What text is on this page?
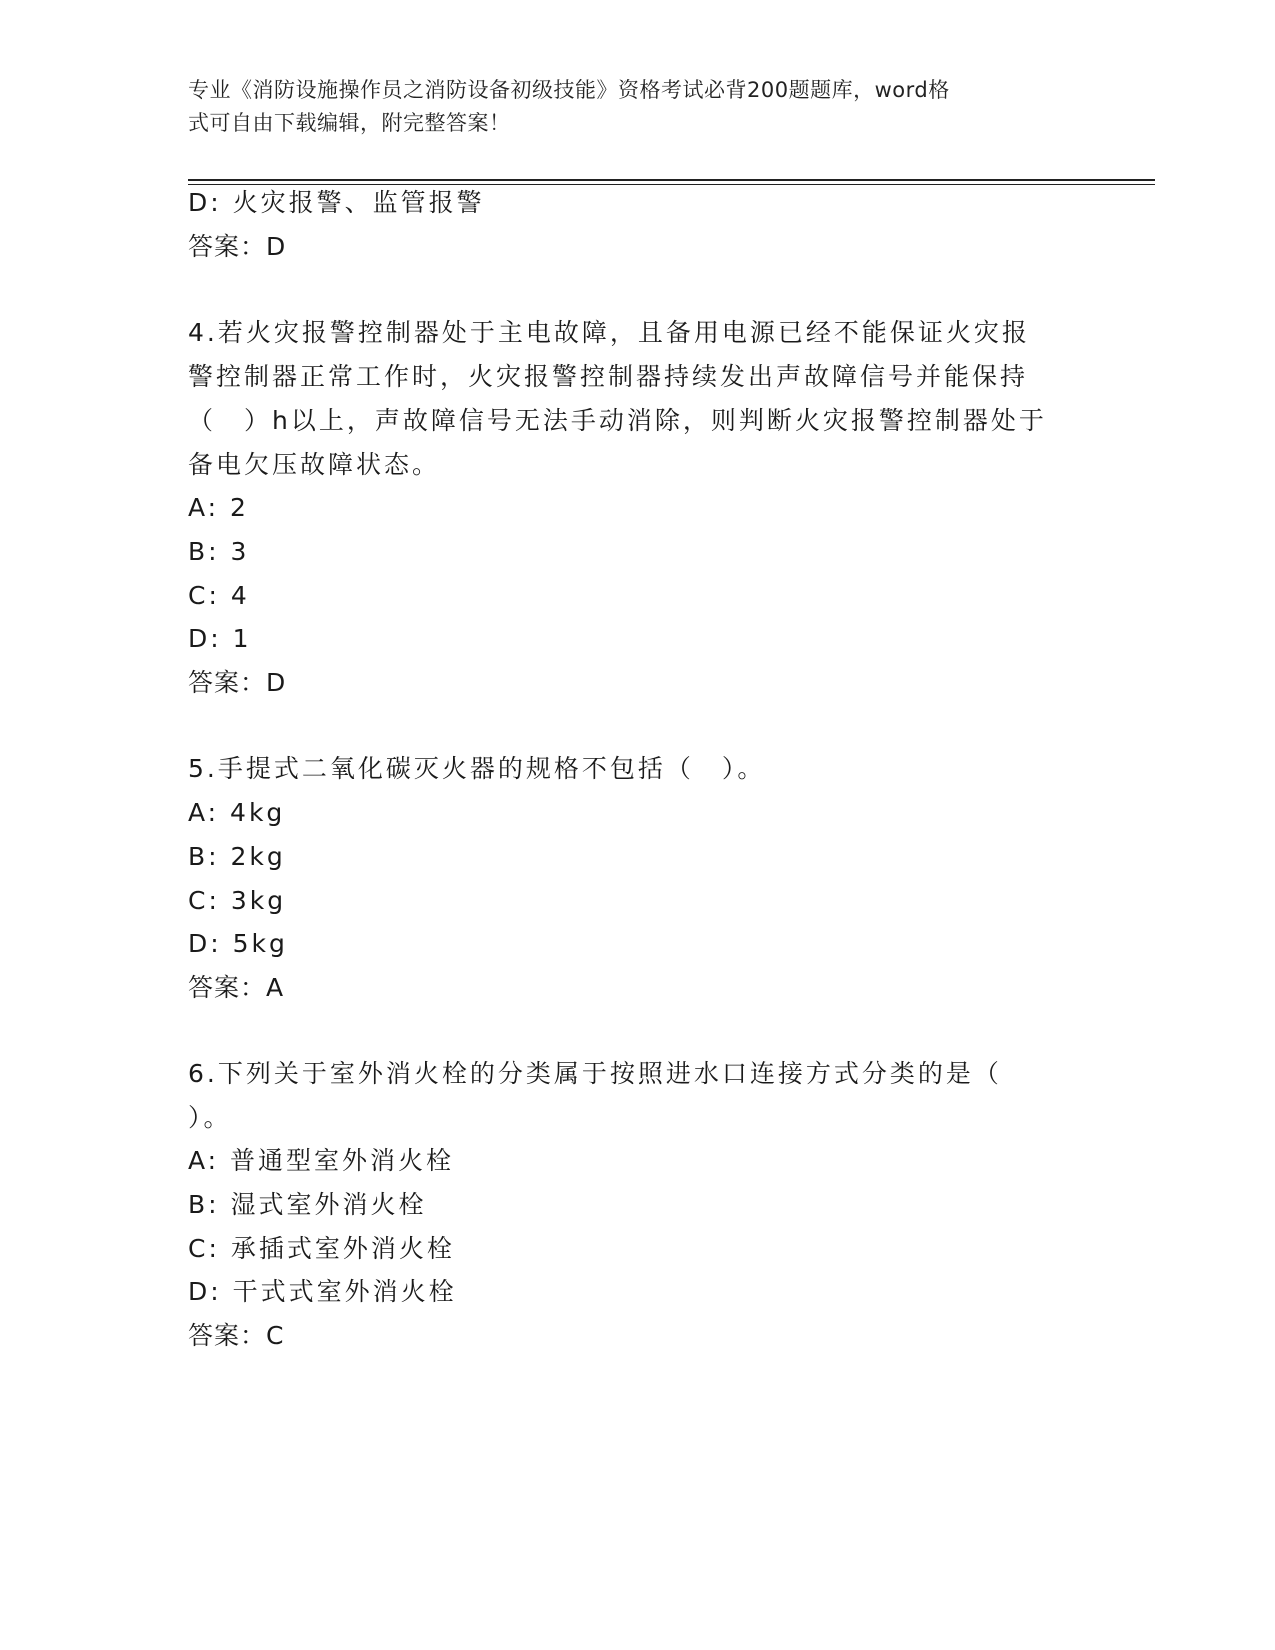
专业《消防设施操作员之消防设备初级技能》资格考试必背200题题库，word格
式可自由下载编辑，附完整答案！
D: 火灾报警、监管报警
答案：D
4.若火灾报警控制器处于主电故障，且备用电源已经不能保证火灾报
警控制器正常工作时，火灾报警控制器持续发出声故障信号并能保持
（　）h以上，声故障信号无法手动消除，则判断火灾报警控制器处于
备电欠压故障状态。
A: 2
B: 3
C: 4
D: 1
答案：D
5.手提式二氧化碳灭火器的规格不包括（　）。
A: 4kg
B: 2kg
C: 3kg
D: 5kg
答案：A
6.下列关于室外消火栓的分类属于按照进水口连接方式分类的是（
）。
A: 普通型室外消火栓
B: 湿式室外消火栓
C: 承插式室外消火栓
D: 干式式室外消火栓
答案：C
